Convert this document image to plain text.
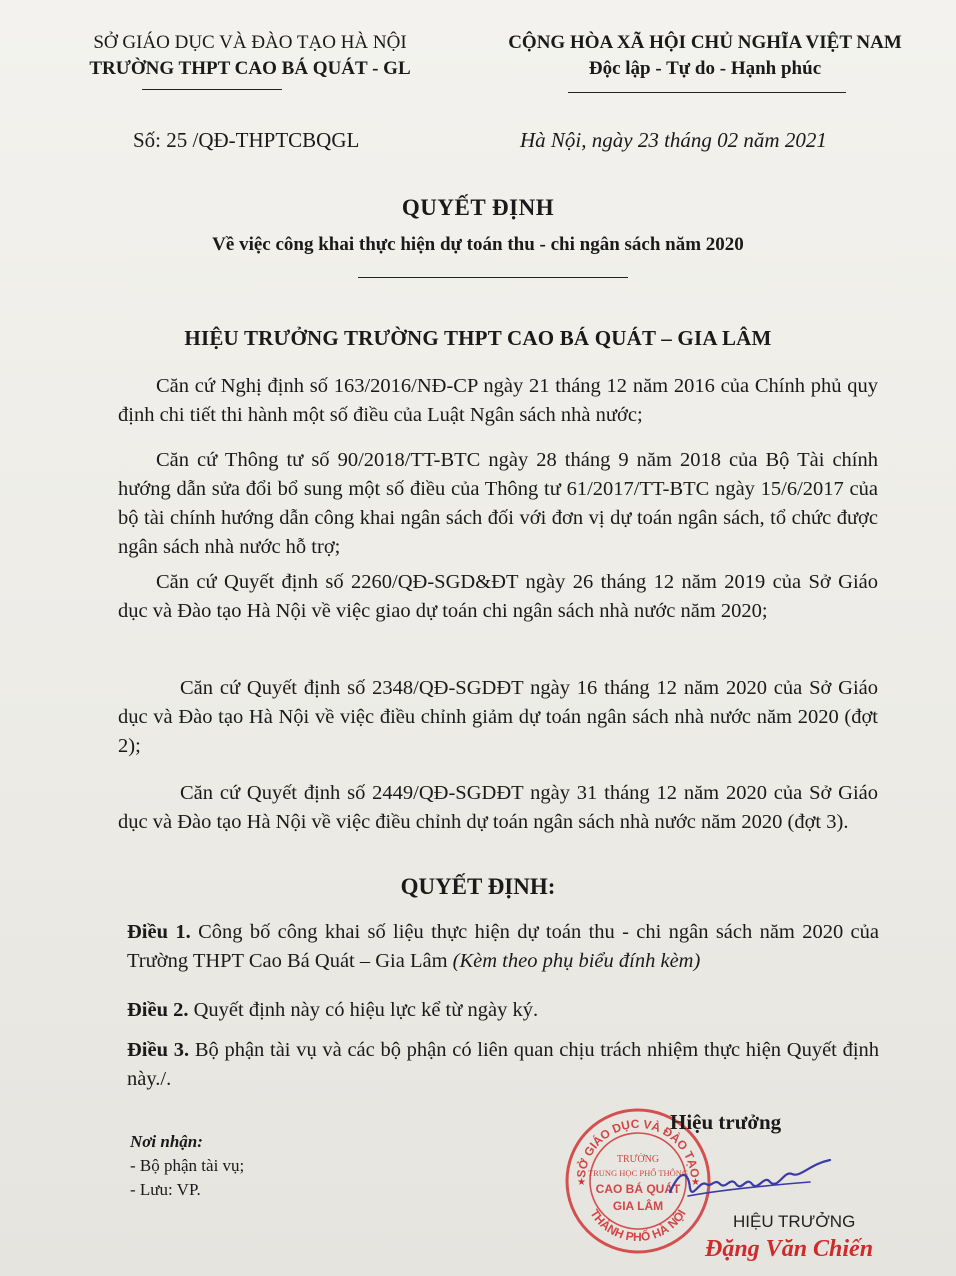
SỞ GIÁO DỤC VÀ ĐÀO TẠO HÀ NỘI
TRƯỜNG THPT CAO BÁ QUÁT - GL
CỘNG HÒA XÃ HỘI CHỦ NGHĨA VIỆT NAM
Độc lập - Tự do - Hạnh phúc
Số: 25 /QĐ-THPTCBQGL	Hà Nội, ngày 23 tháng 02 năm 2021
QUYẾT ĐỊNH
Về việc công khai thực hiện dự toán thu - chi ngân sách năm 2020
HIỆU TRƯỞNG TRƯỜNG THPT CAO BÁ QUÁT – GIA LÂM
Căn cứ Nghị định số 163/2016/NĐ-CP ngày 21 tháng 12 năm 2016 của Chính phủ quy định chi tiết thi hành một số điều của Luật Ngân sách nhà nước;
Căn cứ Thông tư số 90/2018/TT-BTC ngày 28 tháng 9 năm 2018 của Bộ Tài chính hướng dẫn sửa đổi bổ sung một số điều của Thông tư 61/2017/TT-BTC ngày 15/6/2017 của bộ tài chính hướng dẫn công khai ngân sách đối với đơn vị dự toán ngân sách, tổ chức được ngân sách nhà nước hỗ trợ;
Căn cứ Quyết định số 2260/QĐ-SGD&ĐT ngày 26 tháng 12 năm 2019 của Sở Giáo dục và Đào tạo Hà Nội về việc giao dự toán chi ngân sách nhà nước năm 2020;
Căn cứ Quyết định số 2348/QĐ-SGDĐT ngày 16 tháng 12 năm 2020 của Sở Giáo dục và Đào tạo Hà Nội về việc điều chỉnh giảm dự toán ngân sách nhà nước năm 2020 (đợt 2);
Căn cứ Quyết định số 2449/QĐ-SGDĐT ngày 31 tháng 12 năm 2020 của Sở Giáo dục và Đào tạo Hà Nội về việc điều chỉnh dự toán ngân sách nhà nước năm 2020 (đợt 3).
QUYẾT ĐỊNH:
Điều 1. Công bố công khai số liệu thực hiện dự toán thu - chi ngân sách năm 2020 của Trường THPT Cao Bá Quát – Gia Lâm (Kèm theo phụ biểu đính kèm)
Điều 2. Quyết định này có hiệu lực kể từ ngày ký.
Điều 3. Bộ phận tài vụ và các bộ phận có liên quan chịu trách nhiệm thực hiện Quyết định này./.
Nơi nhận:
- Bộ phận tài vụ;
- Lưu: VP.
SỞ GIÁO DỤC VÀ ĐÀO TẠO
THÀNH PHỐ HÀ NỘI
★	★
TRƯỜNG
TRUNG HỌC PHỔ THÔNG
CAO BÁ QUÁT
GIA LÂM
Hiệu trưởng
HIỆU TRƯỞNG
Đặng Văn Chiến
